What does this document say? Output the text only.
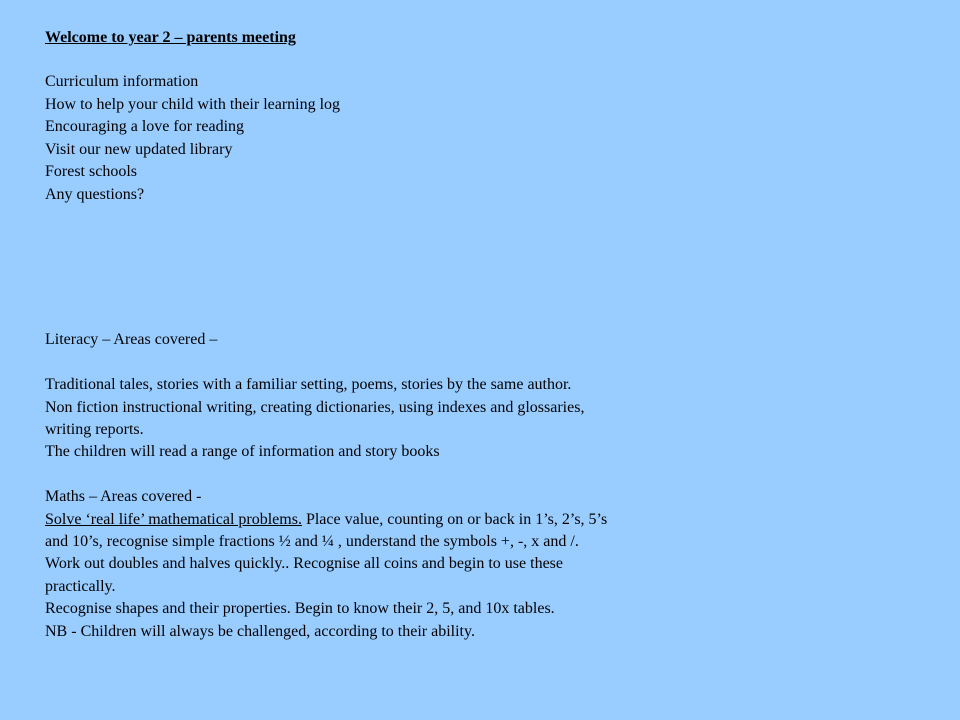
Welcome to year 2 – parents meeting
Curriculum information
How to help your child with their learning log
Encouraging a love for reading
Visit our new updated library
Forest schools
Any questions?
Literacy – Areas covered –
Traditional tales, stories with a familiar setting, poems, stories by the same author.
Non fiction instructional writing, creating dictionaries, using indexes and glossaries,
writing reports.
The children will read a range of information and story books
Maths – Areas covered -
Solve ‘real life’ mathematical problems. Place value, counting on or back in 1’s, 2’s, 5’s
and 10’s, recognise simple fractions ½ and ¼ , understand the symbols +, -, x and /.
Work out doubles and halves quickly.. Recognise all coins and begin to use these
practically.
Recognise shapes and their properties. Begin to know their 2, 5, and 10x tables.
NB - Children will always be challenged, according to their ability.
